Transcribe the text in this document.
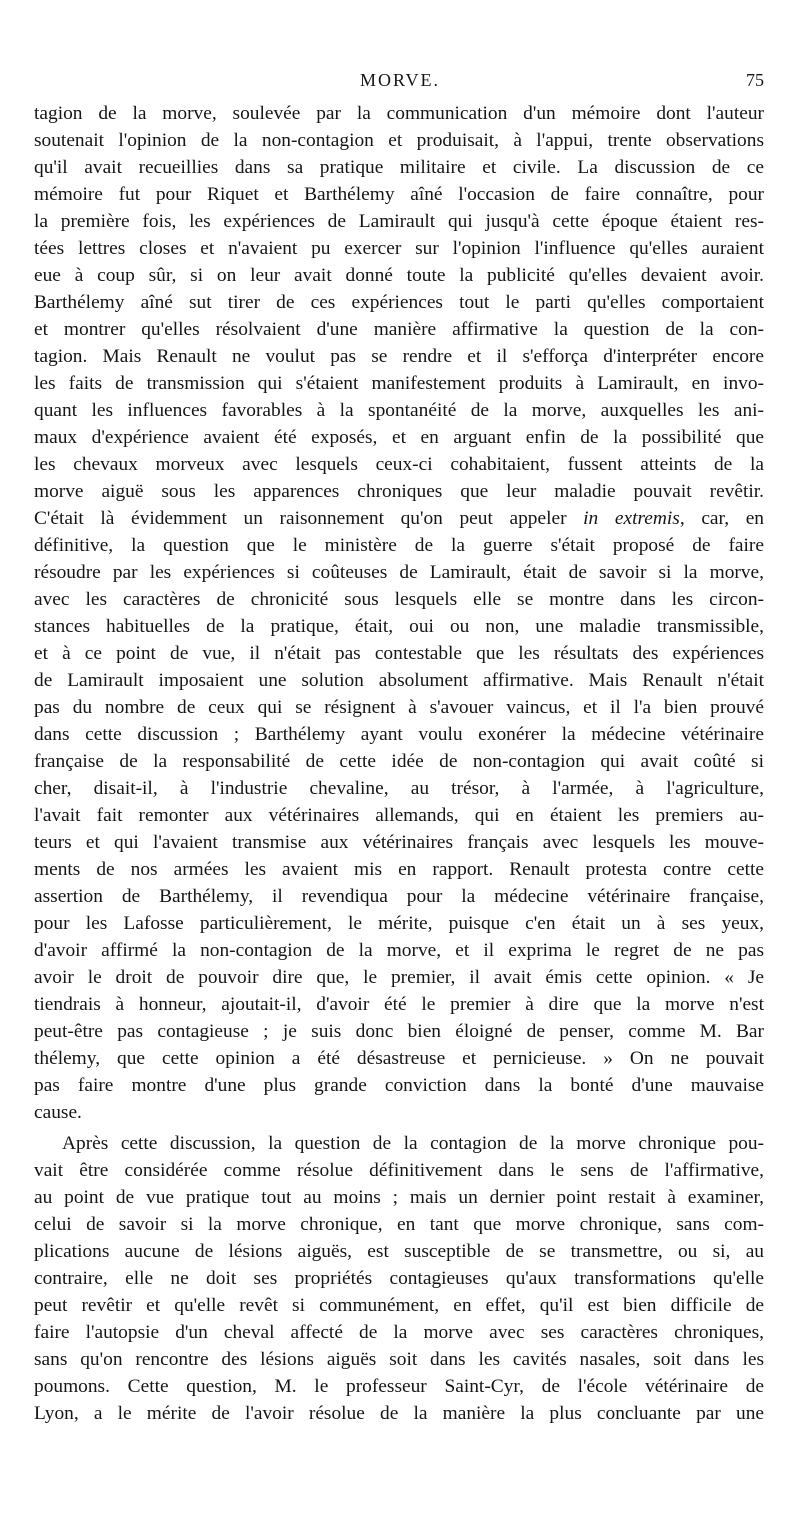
MORVE.	75
tagion de la morve, soulevée par la communication d'un mémoire dont l'auteur
soutenait l'opinion de la non-contagion et produisait, à l'appui, trente observations
qu'il avait recueillies dans sa pratique militaire et civile. La discussion de ce
mémoire fut pour Riquet et Barthélemy aîné l'occasion de faire connaître, pour
la première fois, les expériences de Lamirault qui jusqu'à cette époque étaient res-
tées lettres closes et n'avaient pu exercer sur l'opinion l'influence qu'elles auraient
eue à coup sûr, si on leur avait donné toute la publicité qu'elles devaient avoir.
Barthélemy aîné sut tirer de ces expériences tout le parti qu'elles comportaient
et montrer qu'elles résolvaient d'une manière affirmative la question de la con-
tagion. Mais Renault ne voulut pas se rendre et il s'efforça d'interpréter encore
les faits de transmission qui s'étaient manifestement produits à Lamirault, en invo-
quant les influences favorables à la spontanéité de la morve, auxquelles les ani-
maux d'expérience avaient été exposés, et en arguant enfin de la possibilité que
les chevaux morveux avec lesquels ceux-ci cohabitaient, fussent atteints de la
morve aiguë sous les apparences chroniques que leur maladie pouvait revêtir.
C'était là évidemment un raisonnement qu'on peut appeler in extremis, car, en
définitive, la question que le ministère de la guerre s'était proposé de faire
résoudre par les expériences si coûteuses de Lamirault, était de savoir si la morve,
avec les caractères de chronicité sous lesquels elle se montre dans les circon-
stances habituelles de la pratique, était, oui ou non, une maladie transmissible,
et à ce point de vue, il n'était pas contestable que les résultats des expériences
de Lamirault imposaient une solution absolument affirmative. Mais Renault n'était
pas du nombre de ceux qui se résignent à s'avouer vaincus, et il l'a bien prouvé
dans cette discussion ; Barthélemy ayant voulu exonérer la médecine vétérinaire
française de la responsabilité de cette idée de non-contagion qui avait coûté si
cher, disait-il, à l'industrie chevaline, au trésor, à l'armée, à l'agriculture,
l'avait fait remonter aux vétérinaires allemands, qui en étaient les premiers au-
teurs et qui l'avaient transmise aux vétérinaires français avec lesquels les mouve-
ments de nos armées les avaient mis en rapport. Renault protesta contre cette
assertion de Barthélemy, il revendiqua pour la médecine vétérinaire française,
pour les Lafosse particulièrement, le mérite, puisque c'en était un à ses yeux,
d'avoir affirmé la non-contagion de la morve, et il exprima le regret de ne pas
avoir le droit de pouvoir dire que, le premier, il avait émis cette opinion. « Je
tiendrais à honneur, ajoutait-il, d'avoir été le premier à dire que la morve n'est
peut-être pas contagieuse ; je suis donc bien éloigné de penser, comme M. Bar
thélemy, que cette opinion a été désastreuse et pernicieuse. » On ne pouvait
pas faire montre d'une plus grande conviction dans la bonté d'une mauvaise
cause.
Après cette discussion, la question de la contagion de la morve chronique pou-
vait être considérée comme résolue définitivement dans le sens de l'affirmative,
au point de vue pratique tout au moins ; mais un dernier point restait à examiner,
celui de savoir si la morve chronique, en tant que morve chronique, sans com-
plications aucune de lésions aiguës, est susceptible de se transmettre, ou si, au
contraire, elle ne doit ses propriétés contagieuses qu'aux transformations qu'elle
peut revêtir et qu'elle revêt si communément, en effet, qu'il est bien difficile de
faire l'autopsie d'un cheval affecté de la morve avec ses caractères chroniques,
sans qu'on rencontre des lésions aiguës soit dans les cavités nasales, soit dans les
poumons. Cette question, M. le professeur Saint-Cyr, de l'école vétérinaire de
Lyon, a le mérite de l'avoir résolue de la manière la plus concluante par une
